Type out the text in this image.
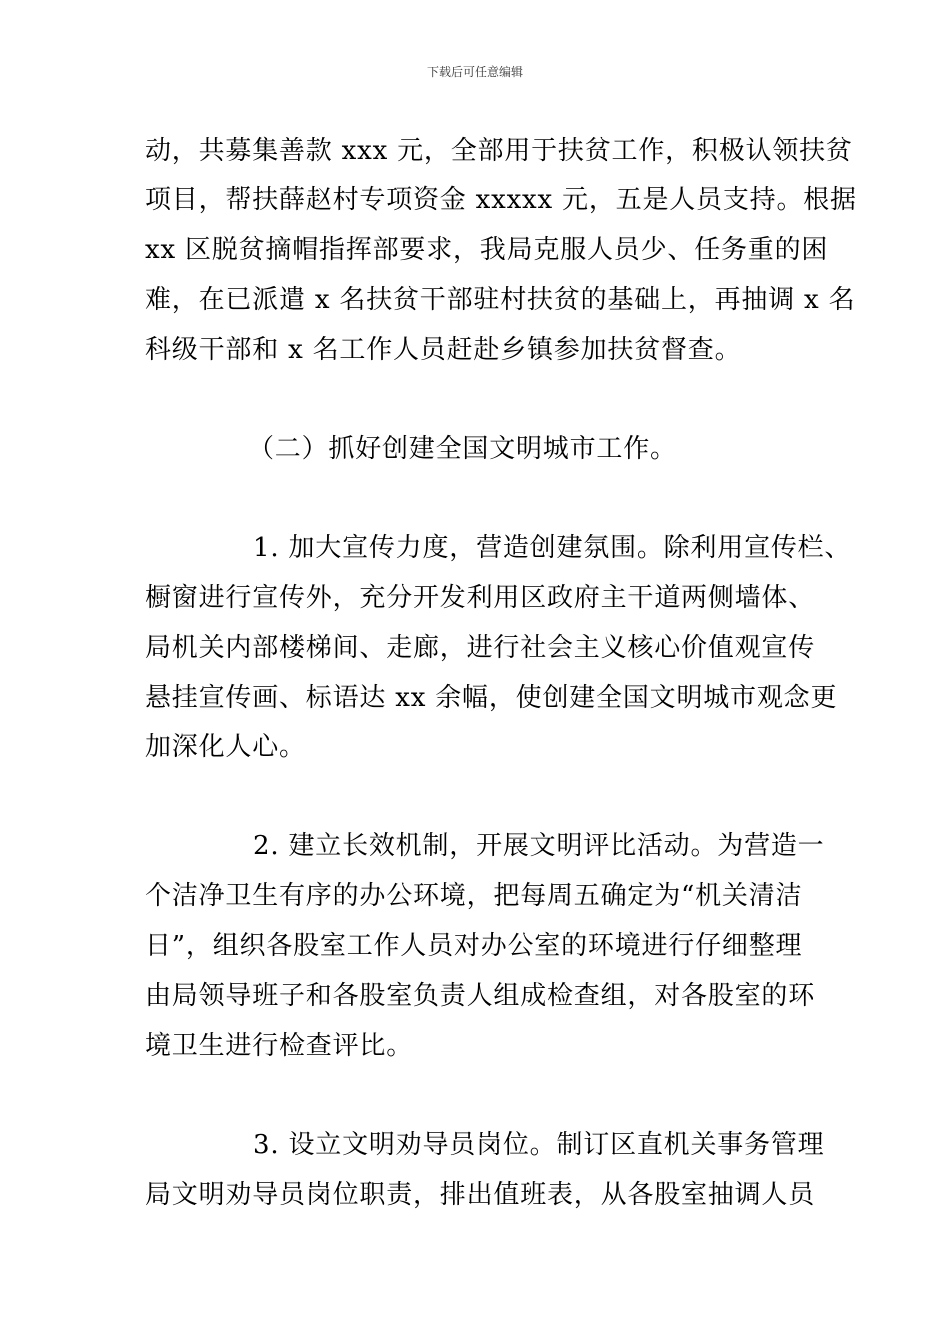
下载后可任意编辑
动，共募集善款 xxx 元，全部用于扶贫工作，积极认领扶贫
项目，帮扶薛赵村专项资金 xxxxx 元，五是人员支持。根据
xx 区脱贫摘帽指挥部要求，我局克服人员少、任务重的困
难，在已派遣 x 名扶贫干部驻村扶贫的基础上，再抽调 x 名
科级干部和 x 名工作人员赶赴乡镇参加扶贫督查。
（二）抓好创建全国文明城市工作。
1. 加大宣传力度，营造创建氛围。除利用宣传栏、
橱窗进行宣传外，充分开发利用区政府主干道两侧墙体、
局机关内部楼梯间、走廊，进行社会主义核心价值观宣传
悬挂宣传画、标语达 xx 余幅，使创建全国文明城市观念更
加深化人心。
2. 建立长效机制，开展文明评比活动。为营造一
个洁净卫生有序的办公环境，把每周五确定为“机关清洁
日”，组织各股室工作人员对办公室的环境进行仔细整理
由局领导班子和各股室负责人组成检查组，对各股室的环
境卫生进行检查评比。
3. 设立文明劝导员岗位。制订区直机关事务管理
局文明劝导员岗位职责，排出值班表，从各股室抽调人员
